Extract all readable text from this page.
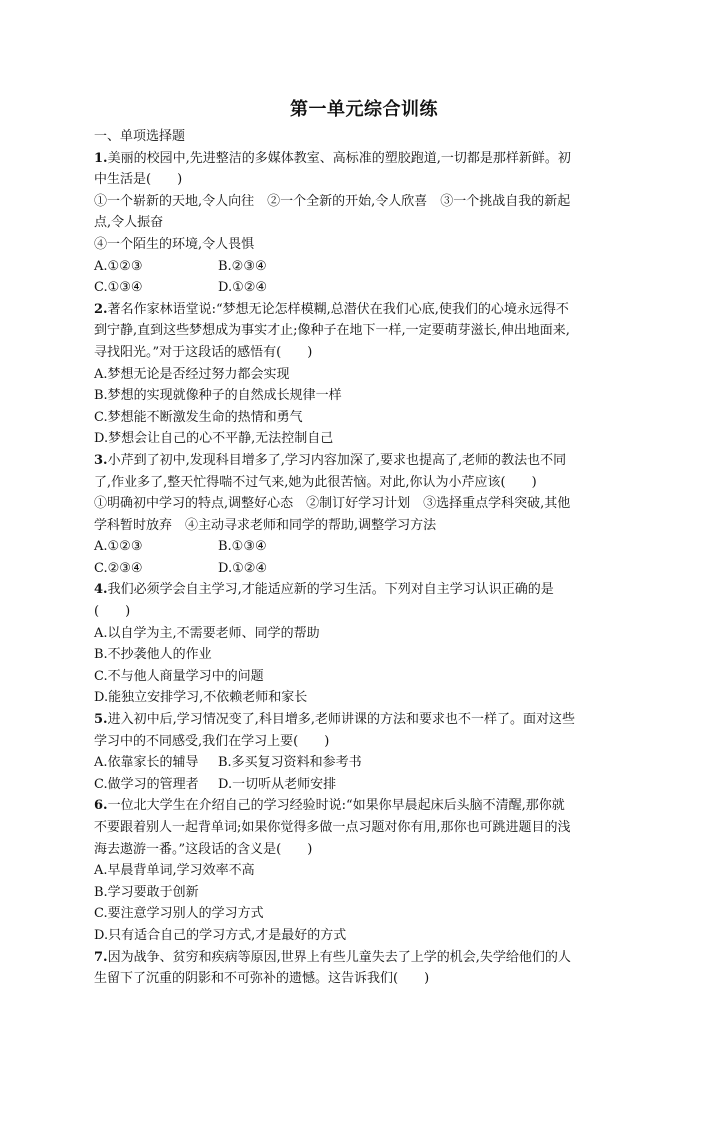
第一单元综合训练
一、单项选择题
1.美丽的校园中,先进整洁的多媒体教室、高标准的塑胶跑道,一切都是那样新鲜。初
中生活是(　　)
①一个崭新的天地,令人向往　②一个全新的开始,令人欣喜　③一个挑战自我的新起
点,令人振奋
④一个陌生的环境,令人畏惧
A.①②③	B.②③④
C.①③④	D.①②④
2.著名作家林语堂说:“梦想无论怎样模糊,总潜伏在我们心底,使我们的心境永远得不
到宁静,直到这些梦想成为事实才止;像种子在地下一样,一定要萌芽滋长,伸出地面来,
寻找阳光。”对于这段话的感悟有(　　)
A.梦想无论是否经过努力都会实现
B.梦想的实现就像种子的自然成长规律一样
C.梦想能不断激发生命的热情和勇气
D.梦想会让自己的心不平静,无法控制自己
3.小芹到了初中,发现科目增多了,学习内容加深了,要求也提高了,老师的教法也不同
了,作业多了,整天忙得喘不过气来,她为此很苦恼。对此,你认为小芹应该(　　)
①明确初中学习的特点,调整好心态　②制订好学习计划　③选择重点学科突破,其他
学科暂时放弃　④主动寻求老师和同学的帮助,调整学习方法
A.①②③	B.①③④
C.②③④	D.①②④
4.我们必须学会自主学习,才能适应新的学习生活。下列对自主学习认识正确的是
(　　)
A.以自学为主,不需要老师、同学的帮助
B.不抄袭他人的作业
C.不与他人商量学习中的问题
D.能独立安排学习,不依赖老师和家长
5.进入初中后,学习情况变了,科目增多,老师讲课的方法和要求也不一样了。面对这些
学习中的不同感受,我们在学习上要(　　)
A.依靠家长的辅导	B.多买复习资料和参考书
C.做学习的管理者	D.一切听从老师安排
6.一位北大学生在介绍自己的学习经验时说:“如果你早晨起床后头脑不清醒,那你就
不要跟着别人一起背单词;如果你觉得多做一点习题对你有用,那你也可跳进题目的浅
海去遨游一番。”这段话的含义是(　　)
A.早晨背单词,学习效率不高
B.学习要敢于创新
C.要注意学习别人的学习方式
D.只有适合自己的学习方式,才是最好的方式
7.因为战争、贫穷和疾病等原因,世界上有些儿童失去了上学的机会,失学给他们的人
生留下了沉重的阴影和不可弥补的遗憾。这告诉我们(　　)
